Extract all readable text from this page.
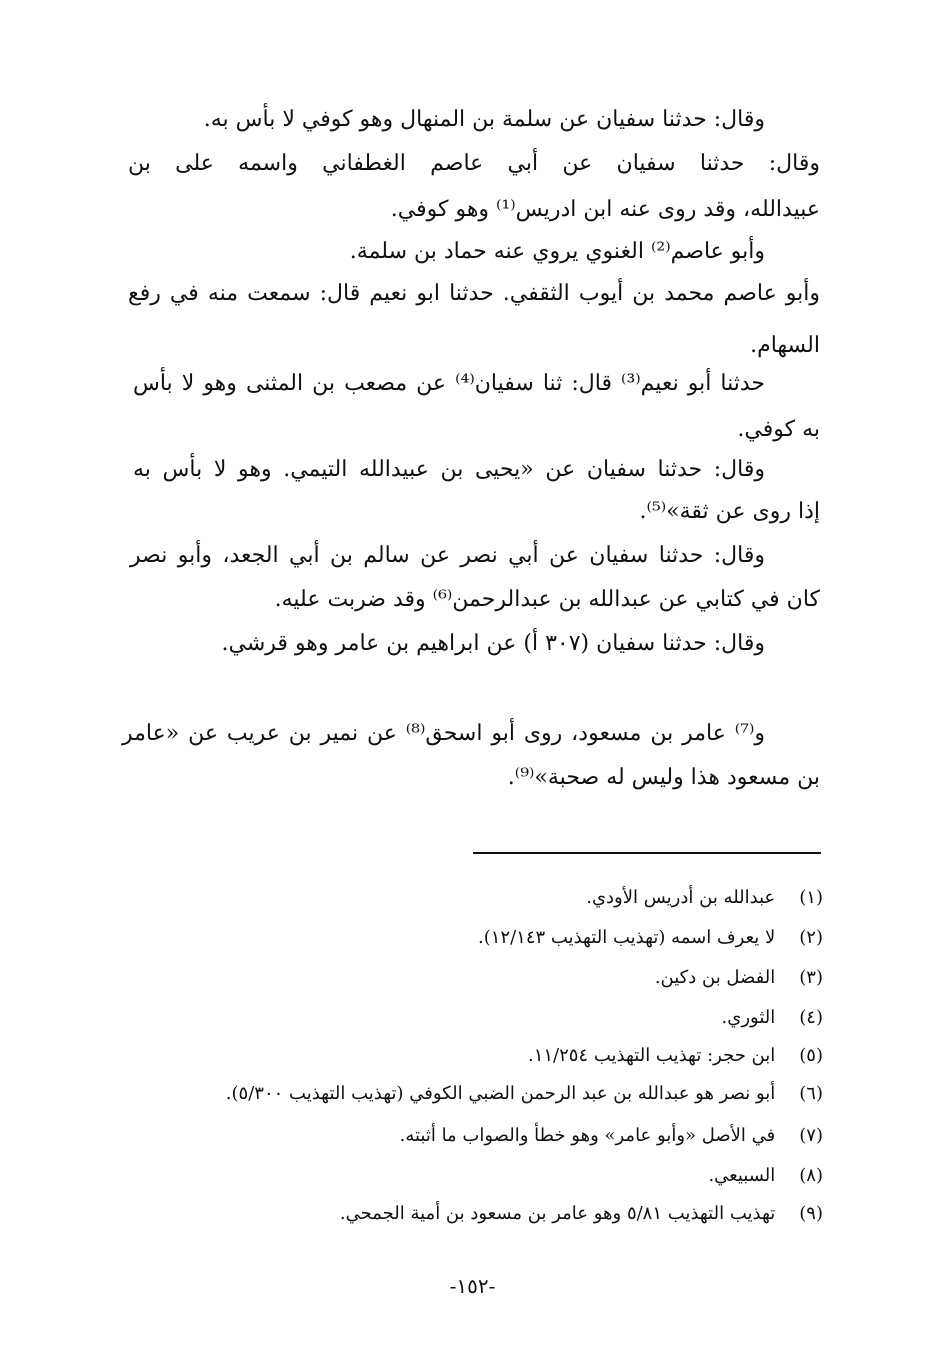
وقال: حدثنا سفيان عن سلمة بن المنهال وهو كوفي لا بأس به.
وقال: حدثنا سفيان عن أبي عاصم الغطفاني واسمه على بن
عبيدالله، وقد روى عنه ابن ادريس⁽¹⁾ وهو كوفي.
وأبو عاصم⁽²⁾ الغنوي يروي عنه حماد بن سلمة.
وأبو عاصم محمد بن أيوب الثقفي. حدثنا ابو نعيم قال: سمعت منه في رفع
السهام.
حدثنا أبو نعيم⁽³⁾ قال: ثنا سفيان⁽⁴⁾ عن مصعب بن المثنى وهو لا بأس
به كوفي.
وقال: حدثنا سفيان عن «يحيى بن عبيدالله التيمي. وهو لا بأس به
إذا روى عن ثقة»⁽⁵⁾.
وقال: حدثنا سفيان عن أبي نصر عن سالم بن أبي الجعد، وأبو نصر
كان في كتابي عن عبدالله بن عبدالرحمن⁽⁶⁾ وقد ضربت عليه.
وقال: حدثنا سفيان (٣٠٧ أ) عن ابراهيم بن عامر وهو قرشي.
و⁽⁷⁾ عامر بن مسعود، روى أبو اسحق⁽⁸⁾ عن نمير بن عريب عن «عامر
بن مسعود هذا وليس له صحبة»⁽⁹⁾.
(١) عبدالله بن أدريس الأودي.
(٢) لا يعرف اسمه (تهذيب التهذيب ١٢/١٤٣).
(٣) الفضل بن دكين.
(٤) الثوري.
(٥) ابن حجر: تهذيب التهذيب ١١/٢٥٤.
(٦) أبو نصر هو عبدالله بن عبد الرحمن الضبي الكوفي (تهذيب التهذيب ٥/٣٠٠).
(٧) في الأصل «وأبو عامر» وهو خطأ والصواب ما أثبته.
(٨) السبيعي.
(٩) تهذيب التهذيب ٥/٨١ وهو عامر بن مسعود بن أمية الجمحي.
-١٥٢-
